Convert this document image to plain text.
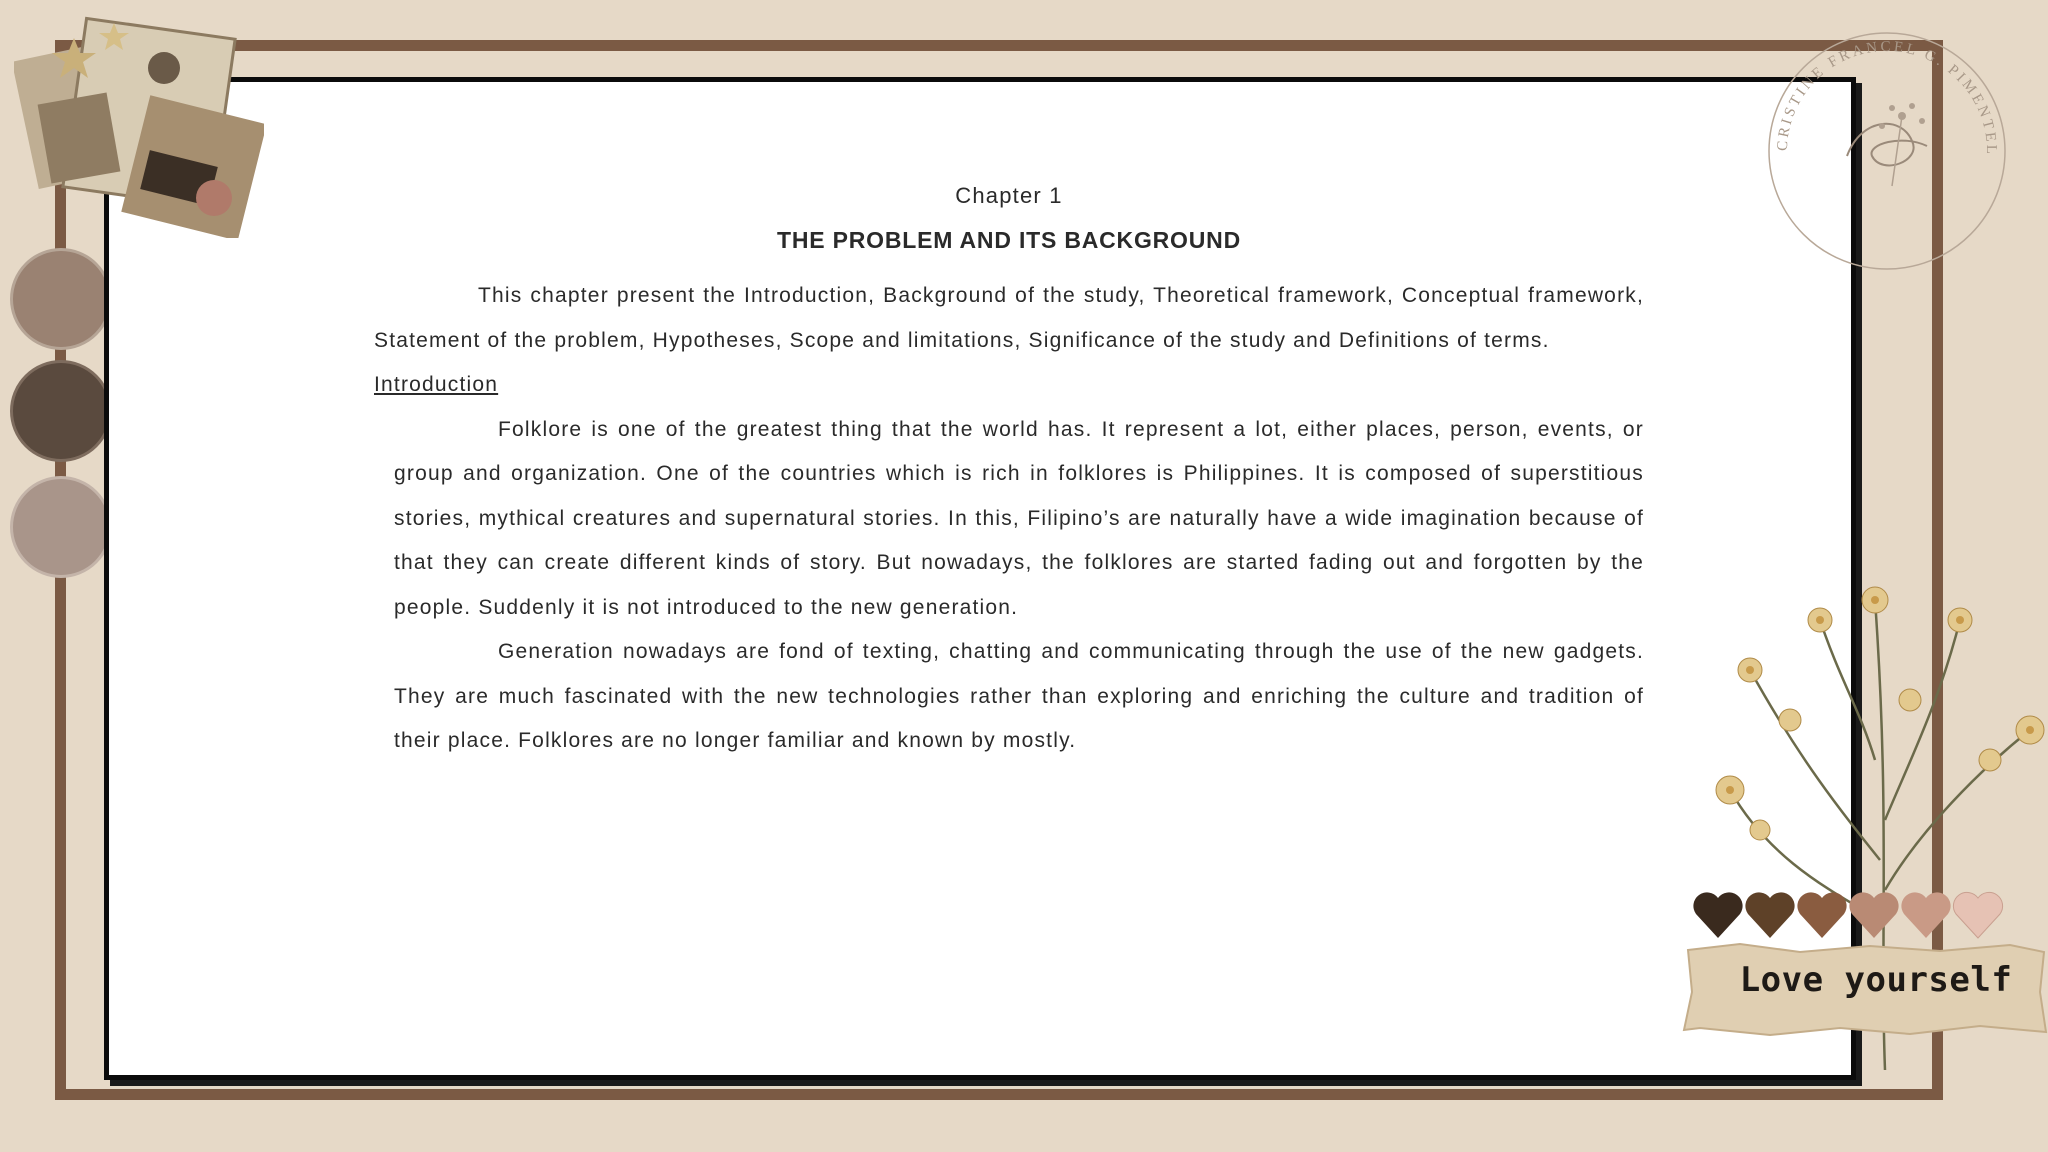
Chapter 1
THE PROBLEM AND ITS BACKGROUND

This chapter present the Introduction, Background of the study, Theoretical framework, Conceptual framework, Statement of the problem, Hypotheses, Scope and limitations, Significance of the study and Definitions of terms.

Introduction

Folklore is one of the greatest thing that the world has. It represent a lot, either places, person, events, or group and organization. One of the countries which is rich in folklores is Philippines. It is composed of superstitious stories, mythical creatures and supernatural stories. In this, Filipino’s are naturally have a wide imagination because of that they can create different kinds of story. But nowadays, the folklores are started fading out and forgotten by the people. Suddenly it is not introduced to the new generation.

Generation nowadays are fond of texting, chatting and communicating through the use of the new gadgets. They are much fascinated with the new technologies rather than exploring and enriching the culture and tradition of their place. Folklores are no longer familiar and known by mostly.

CRISTINE FRANCEL G. PIMENTEL
Love yourself
